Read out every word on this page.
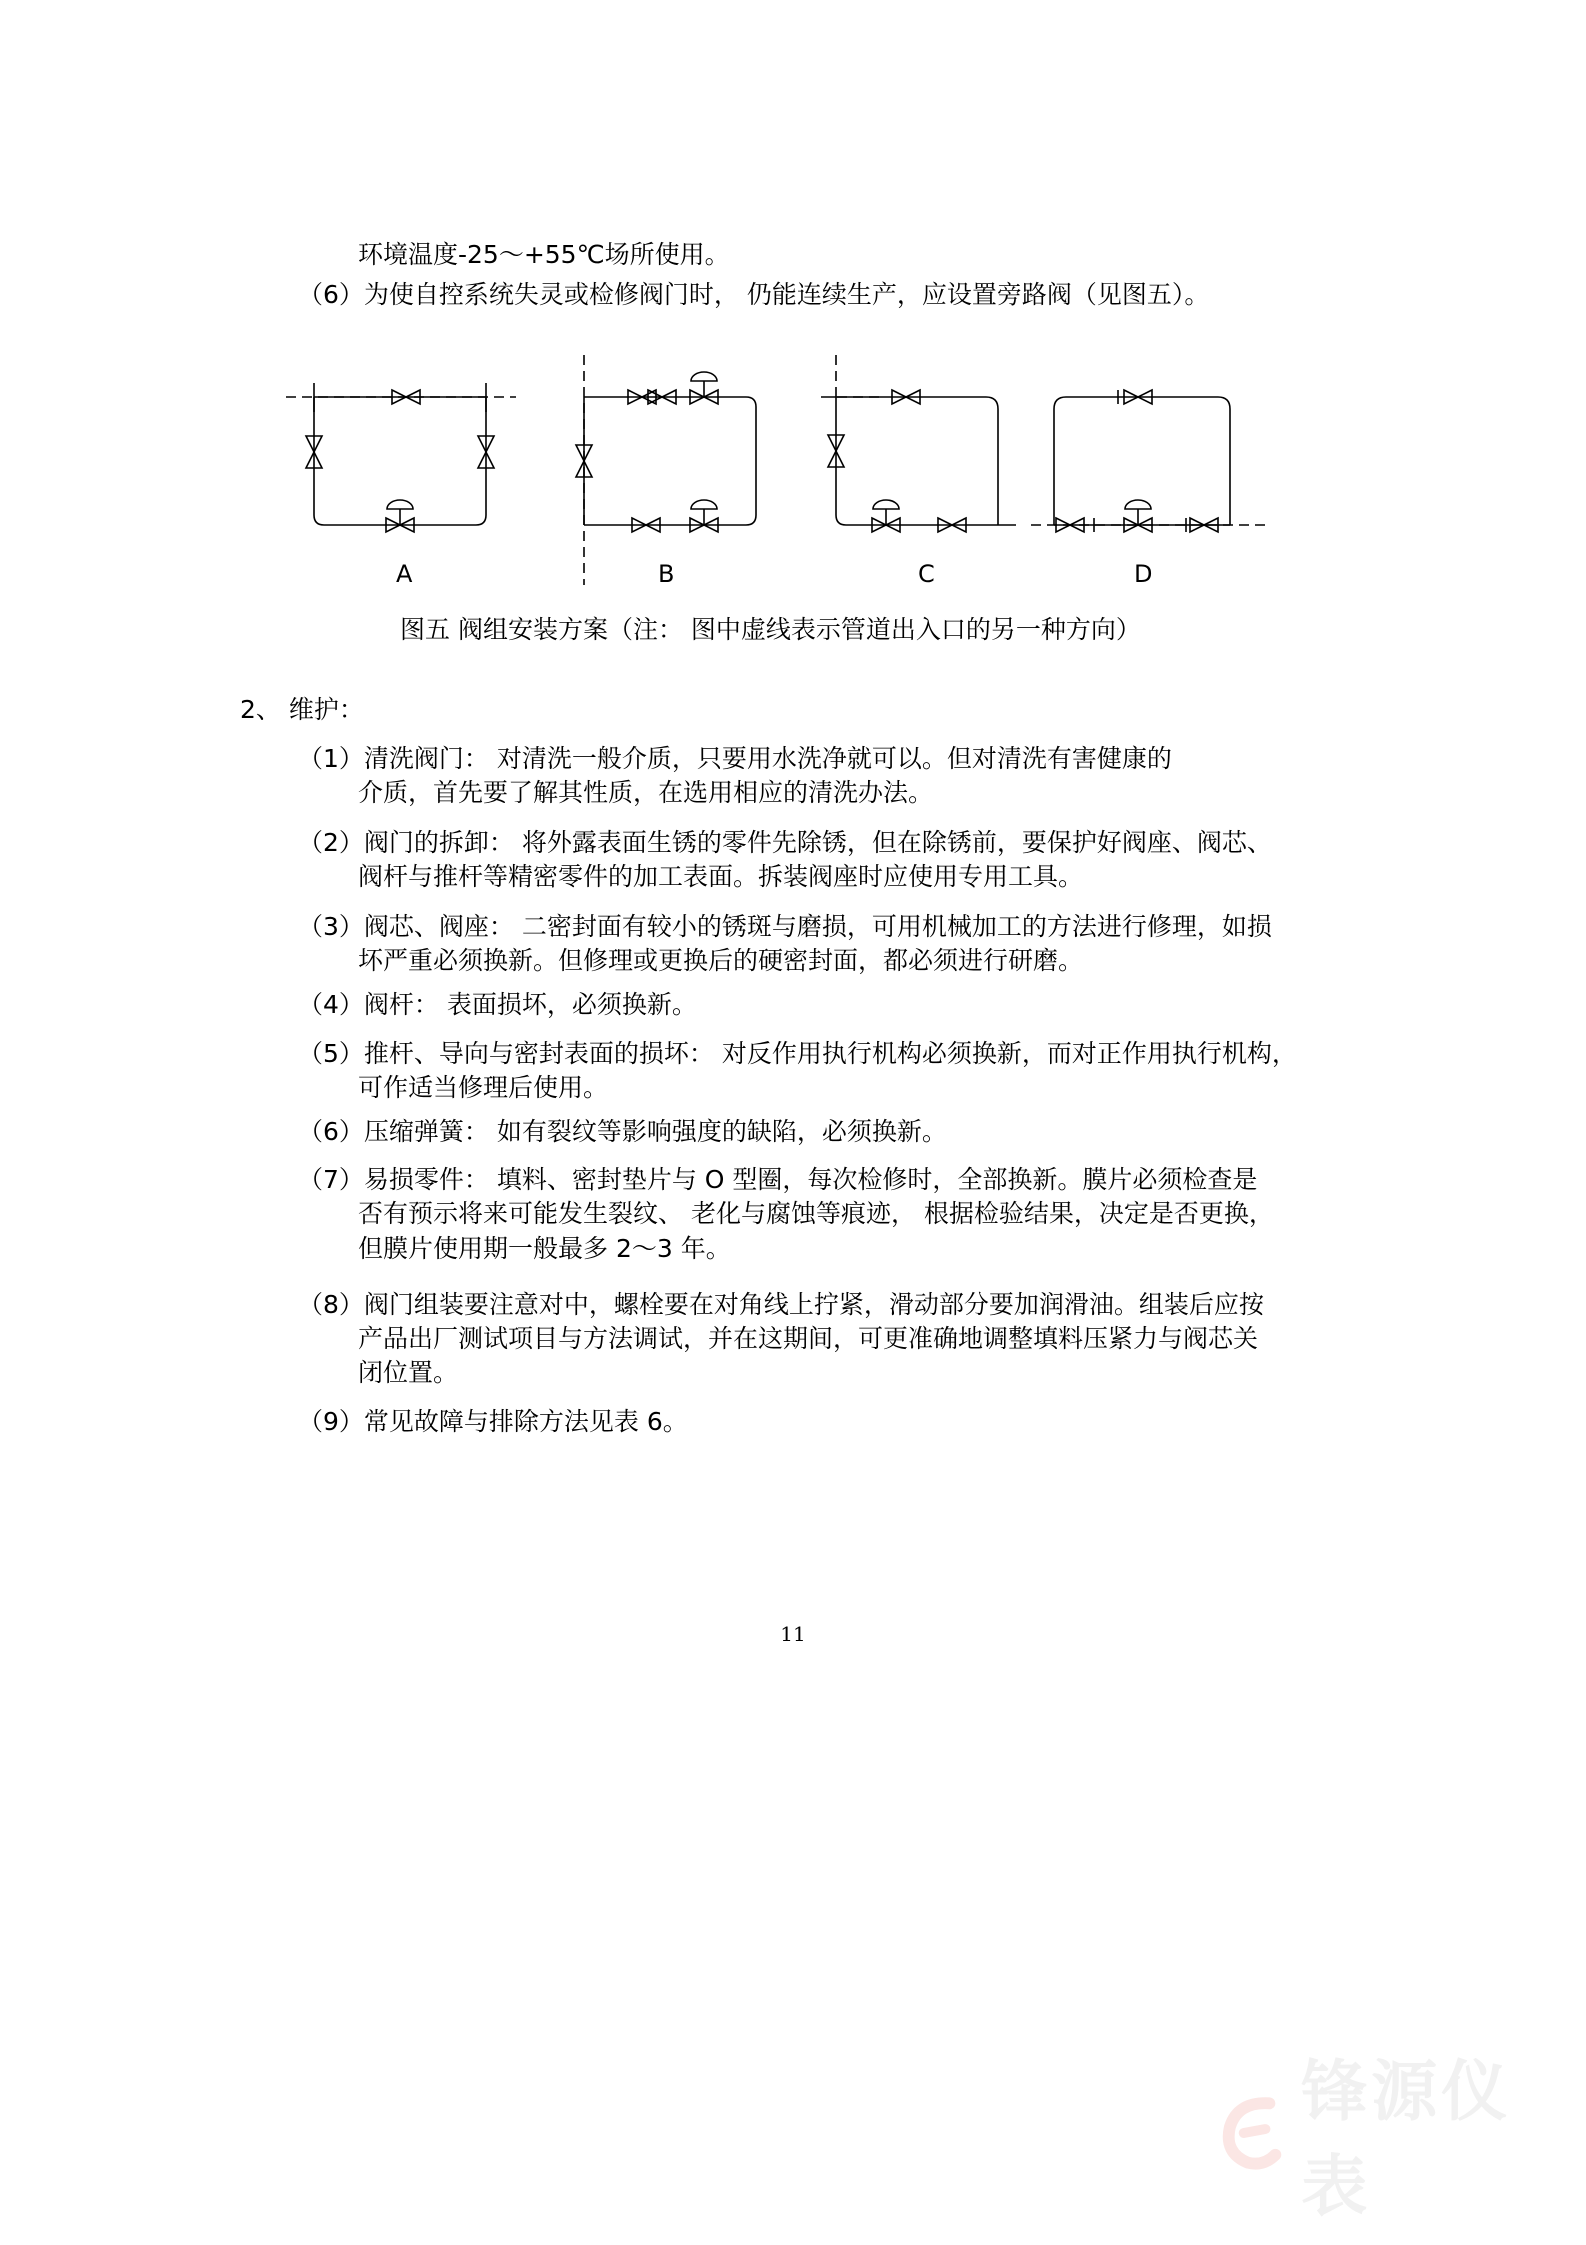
环境温度-25～+55℃场所使用。
（6）为使自控系统失灵或检修阀门时， 仍能连续生产，应设置旁路阀（见图五）。
A	B	C	D
图五 阀组安装方案（注： 图中虚线表示管道出入口的另一种方向）
2、 维护：
（1）清洗阀门： 对清洗一般介质，只要用水洗净就可以。但对清洗有害健康的
介质，首先要了解其性质，在选用相应的清洗办法。
（2）阀门的拆卸： 将外露表面生锈的零件先除锈，但在除锈前，要保护好阀座、阀芯、
阀杆与推杆等精密零件的加工表面。拆装阀座时应使用专用工具。
（3）阀芯、阀座： 二密封面有较小的锈斑与磨损，可用机械加工的方法进行修理，如损
坏严重必须换新。但修理或更换后的硬密封面，都必须进行研磨。
（4）阀杆： 表面损坏，必须换新。
（5）推杆、导向与密封表面的损坏： 对反作用执行机构必须换新，而对正作用执行机构，
可作适当修理后使用。
（6）压缩弹簧： 如有裂纹等影响强度的缺陷，必须换新。
（7）易损零件： 填料、密封垫片与 O 型圈，每次检修时，全部换新。膜片必须检查是
否有预示将来可能发生裂纹、 老化与腐蚀等痕迹， 根据检验结果，决定是否更换，
但膜片使用期一般最多 2～3 年。
（8）阀门组装要注意对中，螺栓要在对角线上拧紧，滑动部分要加润滑油。组装后应按
产品出厂测试项目与方法调试，并在这期间，可更准确地调整填料压紧力与阀芯关
闭位置。
（9）常见故障与排除方法见表 6。
11
锋源仪表
